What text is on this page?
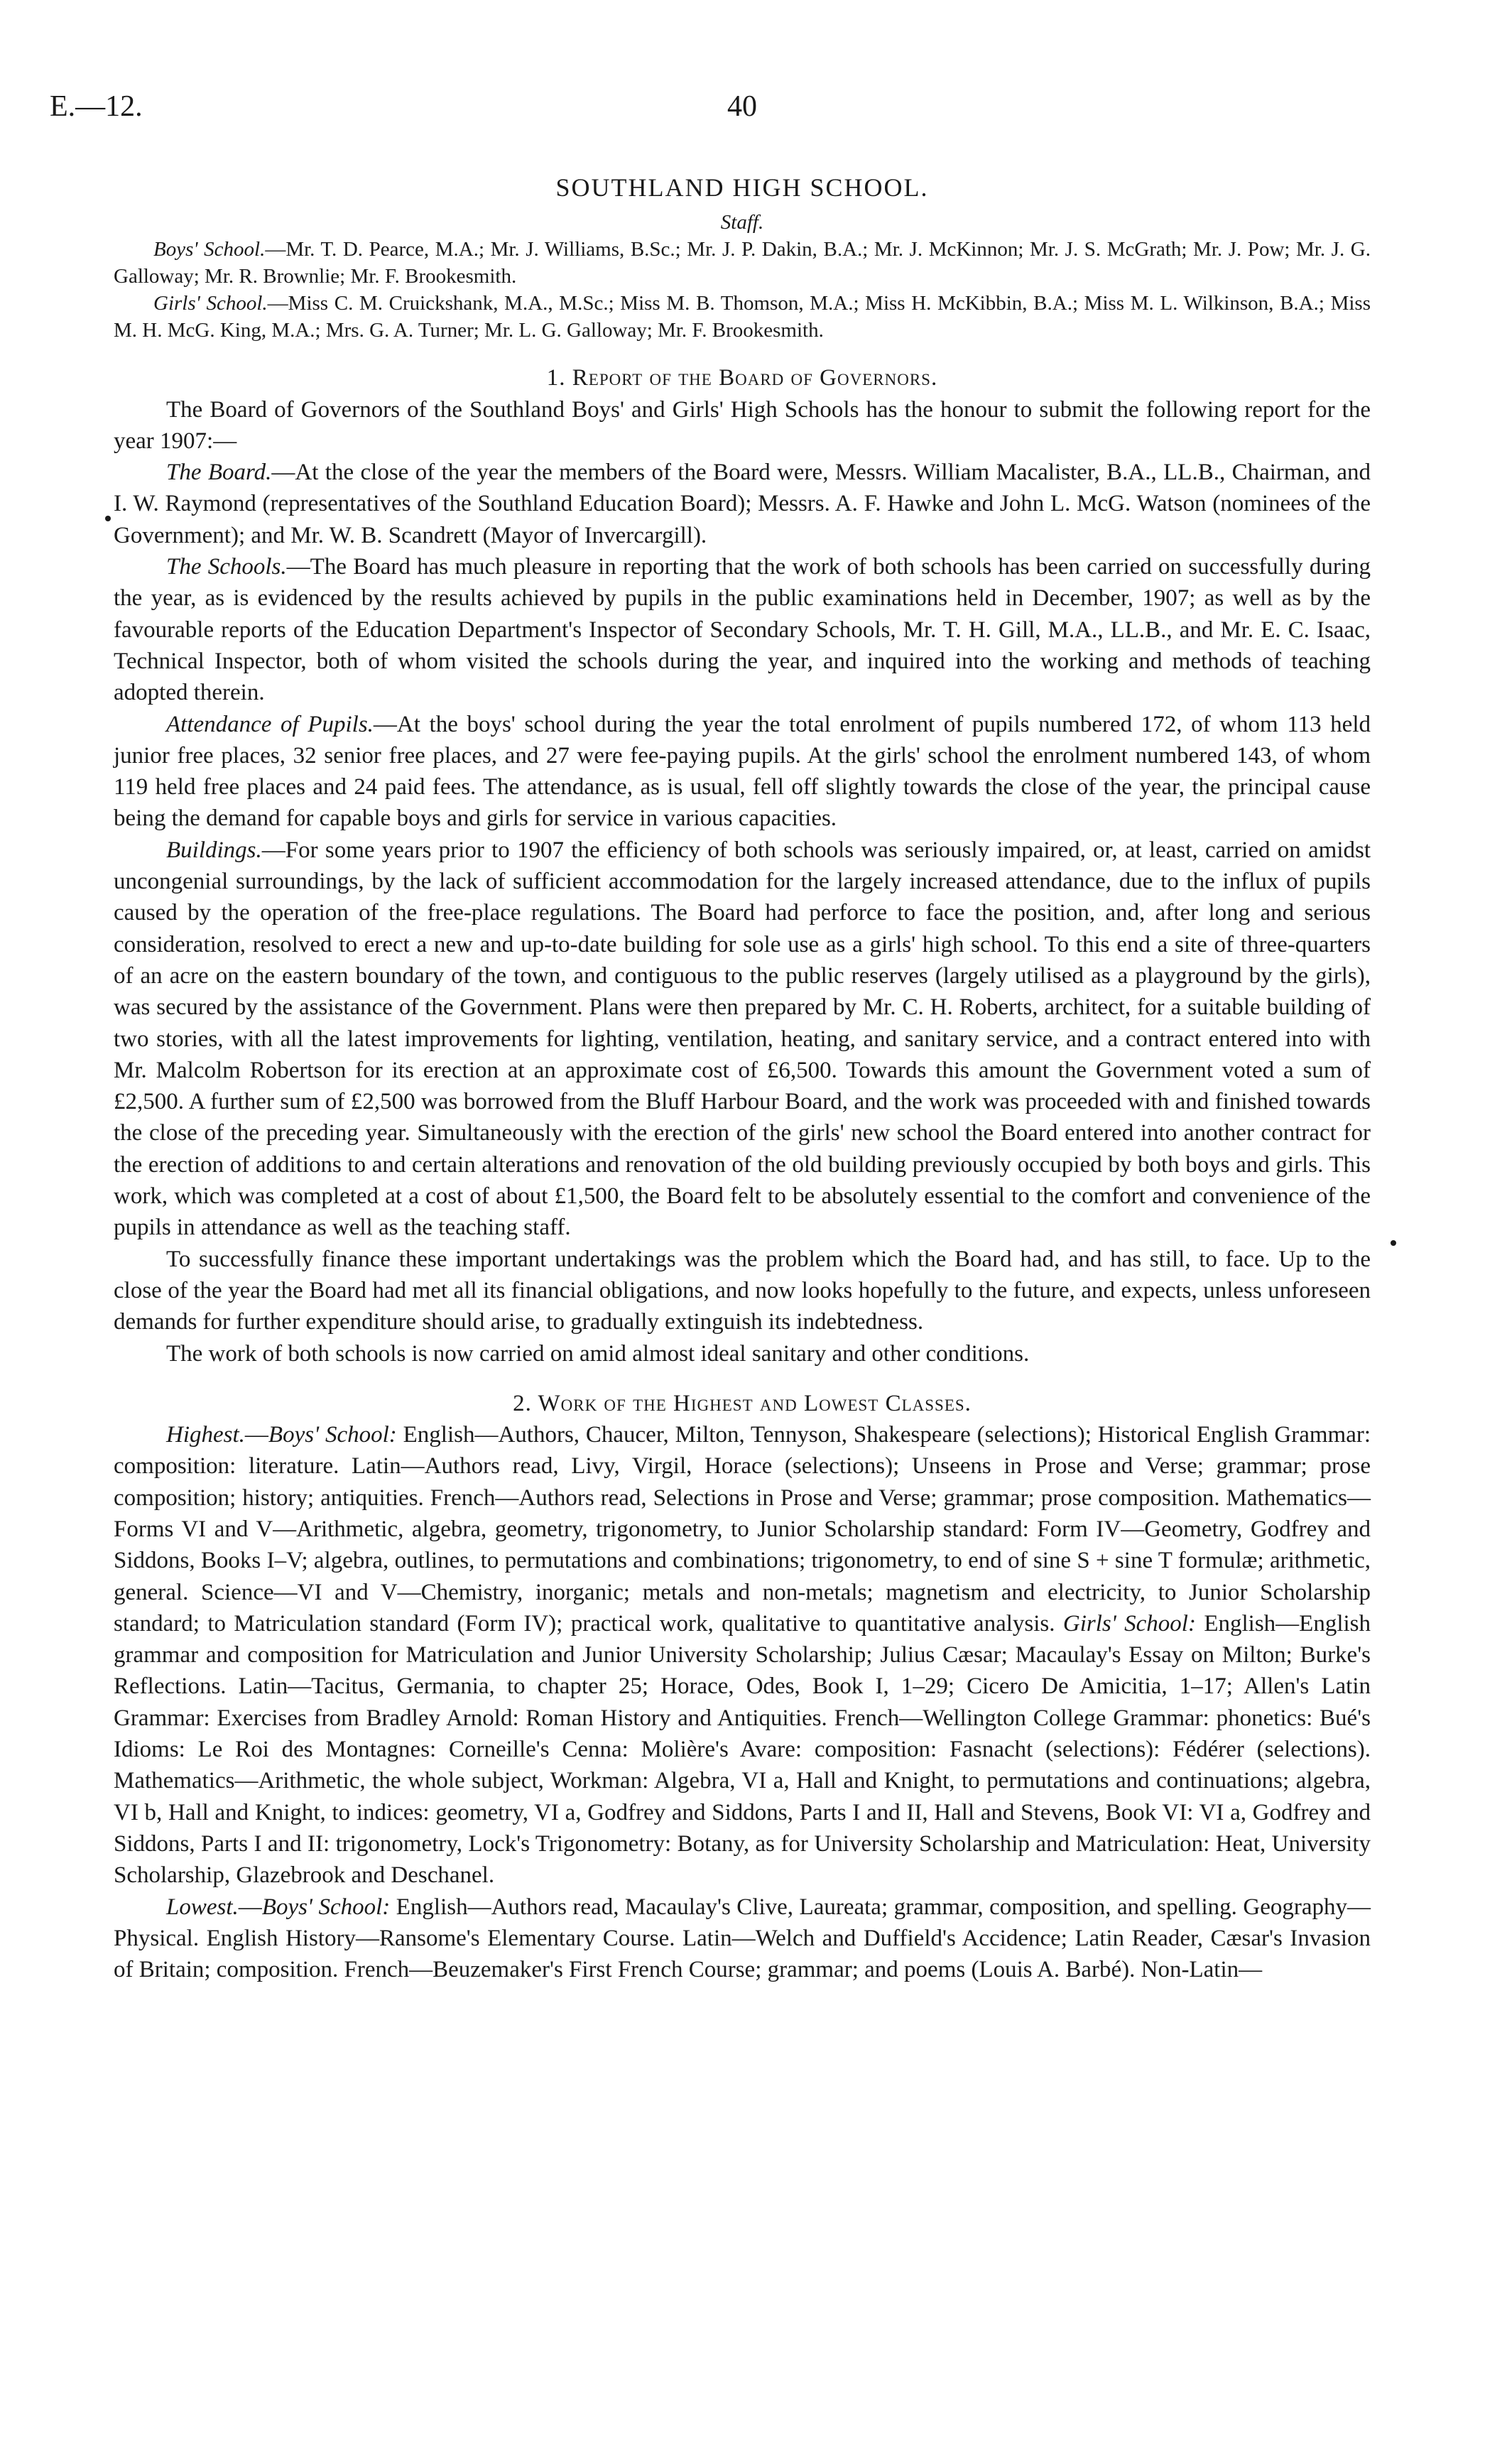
E.—12.	40

SOUTHLAND HIGH SCHOOL.

Staff.

Boys' School.—Mr. T. D. Pearce, M.A.; Mr. J. Williams, B.Sc.; Mr. J. P. Dakin, B.A.; Mr. J. McKinnon; Mr. J. S. McGrath; Mr. J. Pow; Mr. J. G. Galloway; Mr. R. Brownlie; Mr. F. Brookesmith.

Girls' School.—Miss C. M. Cruickshank, M.A., M.Sc.; Miss M. B. Thomson, M.A.; Miss H. McKibbin, B.A.; Miss M. L. Wilkinson, B.A.; Miss M. H. McG. King, M.A.; Mrs. G. A. Turner; Mr. L. G. Galloway; Mr. F. Brookesmith.

1. Report of the Board of Governors.

The Board of Governors of the Southland Boys' and Girls' High Schools has the honour to submit the following report for the year 1907:—

The Board.—At the close of the year the members of the Board were, Messrs. William Macalister, B.A., LL.B., Chairman, and I. W. Raymond (representatives of the Southland Education Board); Messrs. A. F. Hawke and John L. McG. Watson (nominees of the Government); and Mr. W. B. Scandrett (Mayor of Invercargill).

The Schools.—The Board has much pleasure in reporting that the work of both schools has been carried on successfully during the year, as is evidenced by the results achieved by pupils in the public examinations held in December, 1907; as well as by the favourable reports of the Education Department's Inspector of Secondary Schools, Mr. T. H. Gill, M.A., LL.B., and Mr. E. C. Isaac, Technical Inspector, both of whom visited the schools during the year, and inquired into the working and methods of teaching adopted therein.

Attendance of Pupils.—At the boys' school during the year the total enrolment of pupils numbered 172, of whom 113 held junior free places, 32 senior free places, and 27 were fee-paying pupils. At the girls' school the enrolment numbered 143, of whom 119 held free places and 24 paid fees. The attendance, as is usual, fell off slightly towards the close of the year, the principal cause being the demand for capable boys and girls for service in various capacities.

Buildings.—For some years prior to 1907 the efficiency of both schools was seriously impaired, or, at least, carried on amidst uncongenial surroundings, by the lack of sufficient accommodation for the largely increased attendance, due to the influx of pupils caused by the operation of the free-place regulations. The Board had perforce to face the position, and, after long and serious consideration, resolved to erect a new and up-to-date building for sole use as a girls' high school. To this end a site of three-quarters of an acre on the eastern boundary of the town, and contiguous to the public reserves (largely utilised as a playground by the girls), was secured by the assistance of the Government. Plans were then prepared by Mr. C. H. Roberts, architect, for a suitable building of two stories, with all the latest improvements for lighting, ventilation, heating, and sanitary service, and a contract entered into with Mr. Malcolm Robertson for its erection at an approximate cost of £6,500. Towards this amount the Government voted a sum of £2,500. A further sum of £2,500 was borrowed from the Bluff Harbour Board, and the work was proceeded with and finished towards the close of the preceding year. Simultaneously with the erection of the girls' new school the Board entered into another contract for the erection of additions to and certain alterations and renovation of the old building previously occupied by both boys and girls. This work, which was completed at a cost of about £1,500, the Board felt to be absolutely essential to the comfort and convenience of the pupils in attendance as well as the teaching staff.

To successfully finance these important undertakings was the problem which the Board had, and has still, to face. Up to the close of the year the Board had met all its financial obligations, and now looks hopefully to the future, and expects, unless unforeseen demands for further expenditure should arise, to gradually extinguish its indebtedness.

The work of both schools is now carried on amid almost ideal sanitary and other conditions.

2. Work of the Highest and Lowest Classes.

Highest.—Boys' School: English—Authors, Chaucer, Milton, Tennyson, Shakespeare (selections); Historical English Grammar: composition: literature. Latin—Authors read, Livy, Virgil, Horace (selections); Unseens in Prose and Verse; grammar; prose composition; history; antiquities. French—Authors read, Selections in Prose and Verse; grammar; prose composition. Mathematics—Forms VI and V—Arithmetic, algebra, geometry, trigonometry, to Junior Scholarship standard: Form IV—Geometry, Godfrey and Siddons, Books I–V; algebra, outlines, to permutations and combinations; trigonometry, to end of sine S + sine T formulæ; arithmetic, general. Science—VI and V—Chemistry, inorganic; metals and non-metals; magnetism and electricity, to Junior Scholarship standard; to Matriculation standard (Form IV); practical work, qualitative to quantitative analysis. Girls' School: English—English grammar and composition for Matriculation and Junior University Scholarship; Julius Cæsar; Macaulay's Essay on Milton; Burke's Reflections. Latin—Tacitus, Germania, to chapter 25; Horace, Odes, Book I, 1–29; Cicero De Amicitia, 1–17; Allen's Latin Grammar: Exercises from Bradley Arnold: Roman History and Antiquities. French—Wellington College Grammar: phonetics: Bué's Idioms: Le Roi des Montagnes: Corneille's Cenna: Molière's Avare: composition: Fasnacht (selections): Fédérer (selections). Mathematics—Arithmetic, the whole subject, Workman: Algebra, VI a, Hall and Knight, to permutations and continuations; algebra, VI b, Hall and Knight, to indices: geometry, VI a, Godfrey and Siddons, Parts I and II, Hall and Stevens, Book VI: VI a, Godfrey and Siddons, Parts I and II: trigonometry, Lock's Trigonometry: Botany, as for University Scholarship and Matriculation: Heat, University Scholarship, Glazebrook and Deschanel.

Lowest.—Boys' School: English—Authors read, Macaulay's Clive, Laureata; grammar, composition, and spelling. Geography—Physical. English History—Ransome's Elementary Course. Latin—Welch and Duffield's Accidence; Latin Reader, Cæsar's Invasion of Britain; composition. French—Beuzemaker's First French Course; grammar; and poems (Louis A. Barbé). Non-Latin—
